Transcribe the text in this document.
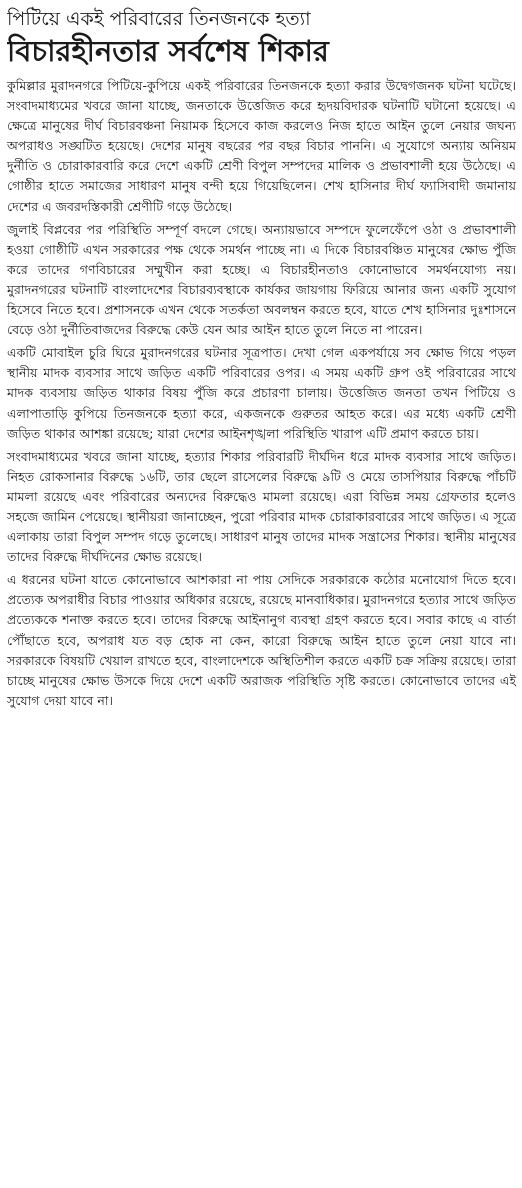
পিটিয়ে একই পরিবারের তিনজনকে হত্যা
বিচারহীনতার সর্বশেষ শিকার

কুমিল্লার মুরাদনগরে পিটিয়ে-কুপিয়ে একই পরিবারের তিনজনকে হত্যা করার উদ্বেগজনক ঘটনা ঘটেছে। সংবাদমাধ্যমের খবরে জানা যাচ্ছে, জনতাকে উত্তেজিত করে হৃদয়বিদারক ঘটনাটি ঘটানো হয়েছে। এ ক্ষেত্রে মানুষের দীর্ঘ বিচারবঞ্চনা নিয়ামক হিসেবে কাজ করলেও নিজ হাতে আইন তুলে নেয়ার জঘন্য অপরাধও সঙ্ঘটিত হয়েছে। দেশের মানুষ বছরের পর বছর বিচার পাননি। এ সুযোগে অন্যায় অনিয়ম দুর্নীতি ও চোরাকারবারি করে দেশে একটি শ্রেণী বিপুল সম্পদের মালিক ও প্রভাবশালী হয়ে উঠেছে। এ গোষ্ঠীর হাতে সমাজের সাধারণ মানুষ বন্দী হয়ে গিয়েছিলেন। শেখ হাসিনার দীর্ঘ ফ্যাসিবাদী জমানায় দেশের এ জবরদস্তিকারী শ্রেণীটি গড়ে উঠেছে।

জুলাই বিপ্লবের পর পরিস্থিতি সম্পূর্ণ বদলে গেছে। অন্যায়ভাবে সম্পদে ফুলেফেঁপে ওঠা ও প্রভাবশালী হওয়া গোষ্ঠীটি এখন সরকারের পক্ষ থেকে সমর্থন পাচ্ছে না। এ দিকে বিচারবঞ্চিত মানুষের ক্ষোভ পুঁজি করে তাদের গণবিচারের সম্মুখীন করা হচ্ছে। এ বিচারহীনতাও কোনোভাবে সমর্থনযোগ্য নয়। মুরাদনগরের ঘটনাটি বাংলাদেশের বিচারব্যবস্থাকে কার্যকর জায়গায় ফিরিয়ে আনার জন্য একটি সুযোগ হিসেবে নিতে হবে। প্রশাসনকে এখন থেকে সতর্কতা অবলম্বন করতে হবে, যাতে শেখ হাসিনার দুঃশাসনে বেড়ে ওঠা দুর্নীতিবাজদের বিরুদ্ধে কেউ যেন আর আইন হাতে তুলে নিতে না পারেন।

একটি মোবাইল চুরি ঘিরে মুরাদনগরের ঘটনার সূত্রপাত। দেখা গেল একপর্যায়ে সব ক্ষোভ গিয়ে পড়ল স্থানীয় মাদক ব্যবসার সাথে জড়িত একটি পরিবারের ওপর। এ সময় একটি গ্রুপ ওই পরিবারের সাথে মাদক ব্যবসায় জড়িত থাকার বিষয় পুঁজি করে প্রচারণা চালায়। উত্তেজিত জনতা তখন পিটিয়ে ও এলাপাতাড়ি কুপিয়ে তিনজনকে হত্যা করে, একজনকে গুরুতর আহত করে। এর মধ্যে একটি শ্রেণী জড়িত থাকার আশঙ্কা রয়েছে; যারা দেশের আইনশৃঙ্খলা পরিস্থিতি খারাপ এটি প্রমাণ করতে চায়।

সংবাদমাধ্যমের খবরে জানা যাচ্ছে, হত্যার শিকার পরিবারটি দীর্ঘদিন ধরে মাদক ব্যবসার সাথে জড়িত। নিহত রোকসানার বিরুদ্ধে ১৬টি, তার ছেলে রাসেলের বিরুদ্ধে ৯টি ও মেয়ে তাসপিয়ার বিরুদ্ধে পাঁচটি মামলা রয়েছে এবং পরিবারের অন্যদের বিরুদ্ধেও মামলা রয়েছে। এরা বিভিন্ন সময় গ্রেফতার হলেও সহজে জামিন পেয়েছে। স্থানীয়রা জানাচ্ছেন, পুরো পরিবার মাদক চোরাকারবারের সাথে জড়িত। এ সূত্রে এলাকায় তারা বিপুল সম্পদ গড়ে তুলেছে। সাধারণ মানুষ তাদের মাদক সন্ত্রাসের শিকার। স্থানীয় মানুষের তাদের বিরুদ্ধে দীর্ঘদিনের ক্ষোভ রয়েছে।

এ ধরনের ঘটনা যাতে কোনোভাবে আশকারা না পায় সেদিকে সরকারকে কঠোর মনোযোগ দিতে হবে। প্রত্যেক অপরাধীর বিচার পাওয়ার অধিকার রয়েছে, রয়েছে মানবাধিকার। মুরাদনগরে হত্যার সাথে জড়িত প্রত্যেককে শনাক্ত করতে হবে। তাদের বিরুদ্ধে আইনানুগ ব্যবস্থা গ্রহণ করতে হবে। সবার কাছে এ বার্তা পৌঁছাতে হবে, অপরাধ যত বড় হোক না কেন, কারো বিরুদ্ধে আইন হাতে তুলে নেয়া যাবে না। সরকারকে বিষয়টি খেয়াল রাখতে হবে, বাংলাদেশকে অস্থিতিশীল করতে একটি চক্র সক্রিয় রয়েছে। তারা চাচ্ছে মানুষের ক্ষোভ উসকে দিয়ে দেশে একটি অরাজক পরিস্থিতি সৃষ্টি করতে। কোনোভাবে তাদের এই সুযোগ দেয়া যাবে না।
